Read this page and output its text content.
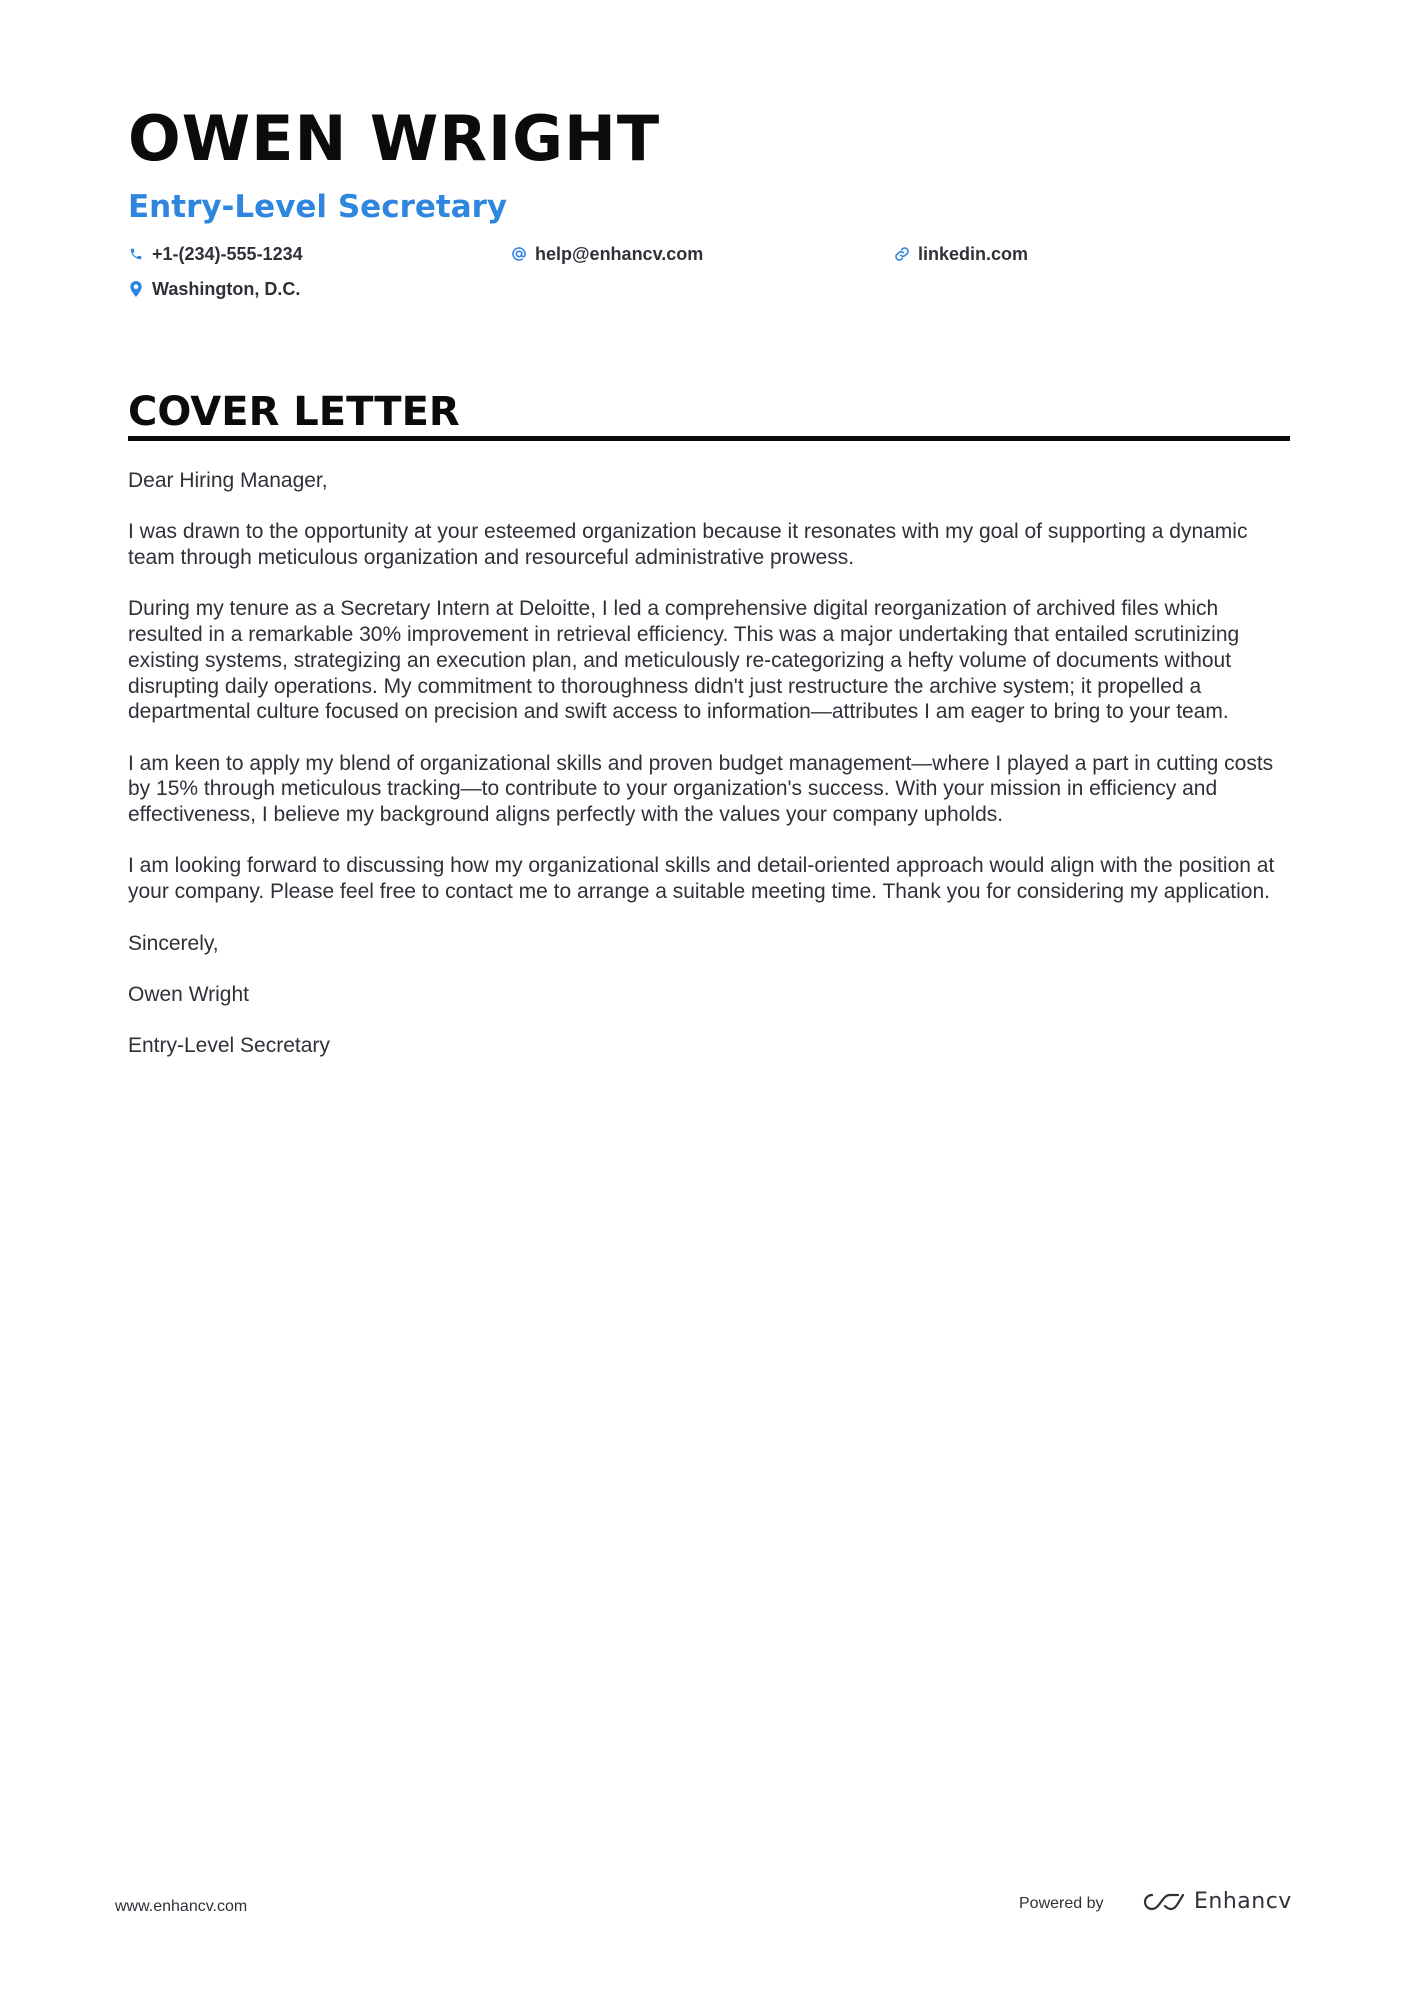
OWEN WRIGHT
Entry-Level Secretary
+1-(234)-555-1234	help@enhancv.com	linkedin.com
Washington, D.C.
COVER LETTER

Dear Hiring Manager,

I was drawn to the opportunity at your esteemed organization because it resonates with my goal of supporting a dynamic team through meticulous organization and resourceful administrative prowess.

During my tenure as a Secretary Intern at Deloitte, I led a comprehensive digital reorganization of archived files which resulted in a remarkable 30% improvement in retrieval efficiency. This was a major undertaking that entailed scrutinizing existing systems, strategizing an execution plan, and meticulously re-categorizing a hefty volume of documents without disrupting daily operations. My commitment to thoroughness didn't just restructure the archive system; it propelled a departmental culture focused on precision and swift access to information—attributes I am eager to bring to your team.

I am keen to apply my blend of organizational skills and proven budget management—where I played a part in cutting costs by 15% through meticulous tracking—to contribute to your organization's success. With your mission in efficiency and effectiveness, I believe my background aligns perfectly with the values your company upholds.

I am looking forward to discussing how my organizational skills and detail-oriented approach would align with the position at your company. Please feel free to contact me to arrange a suitable meeting time. Thank you for considering my application.

Sincerely,

Owen Wright

Entry-Level Secretary

www.enhancv.com	Powered by	Enhancv
